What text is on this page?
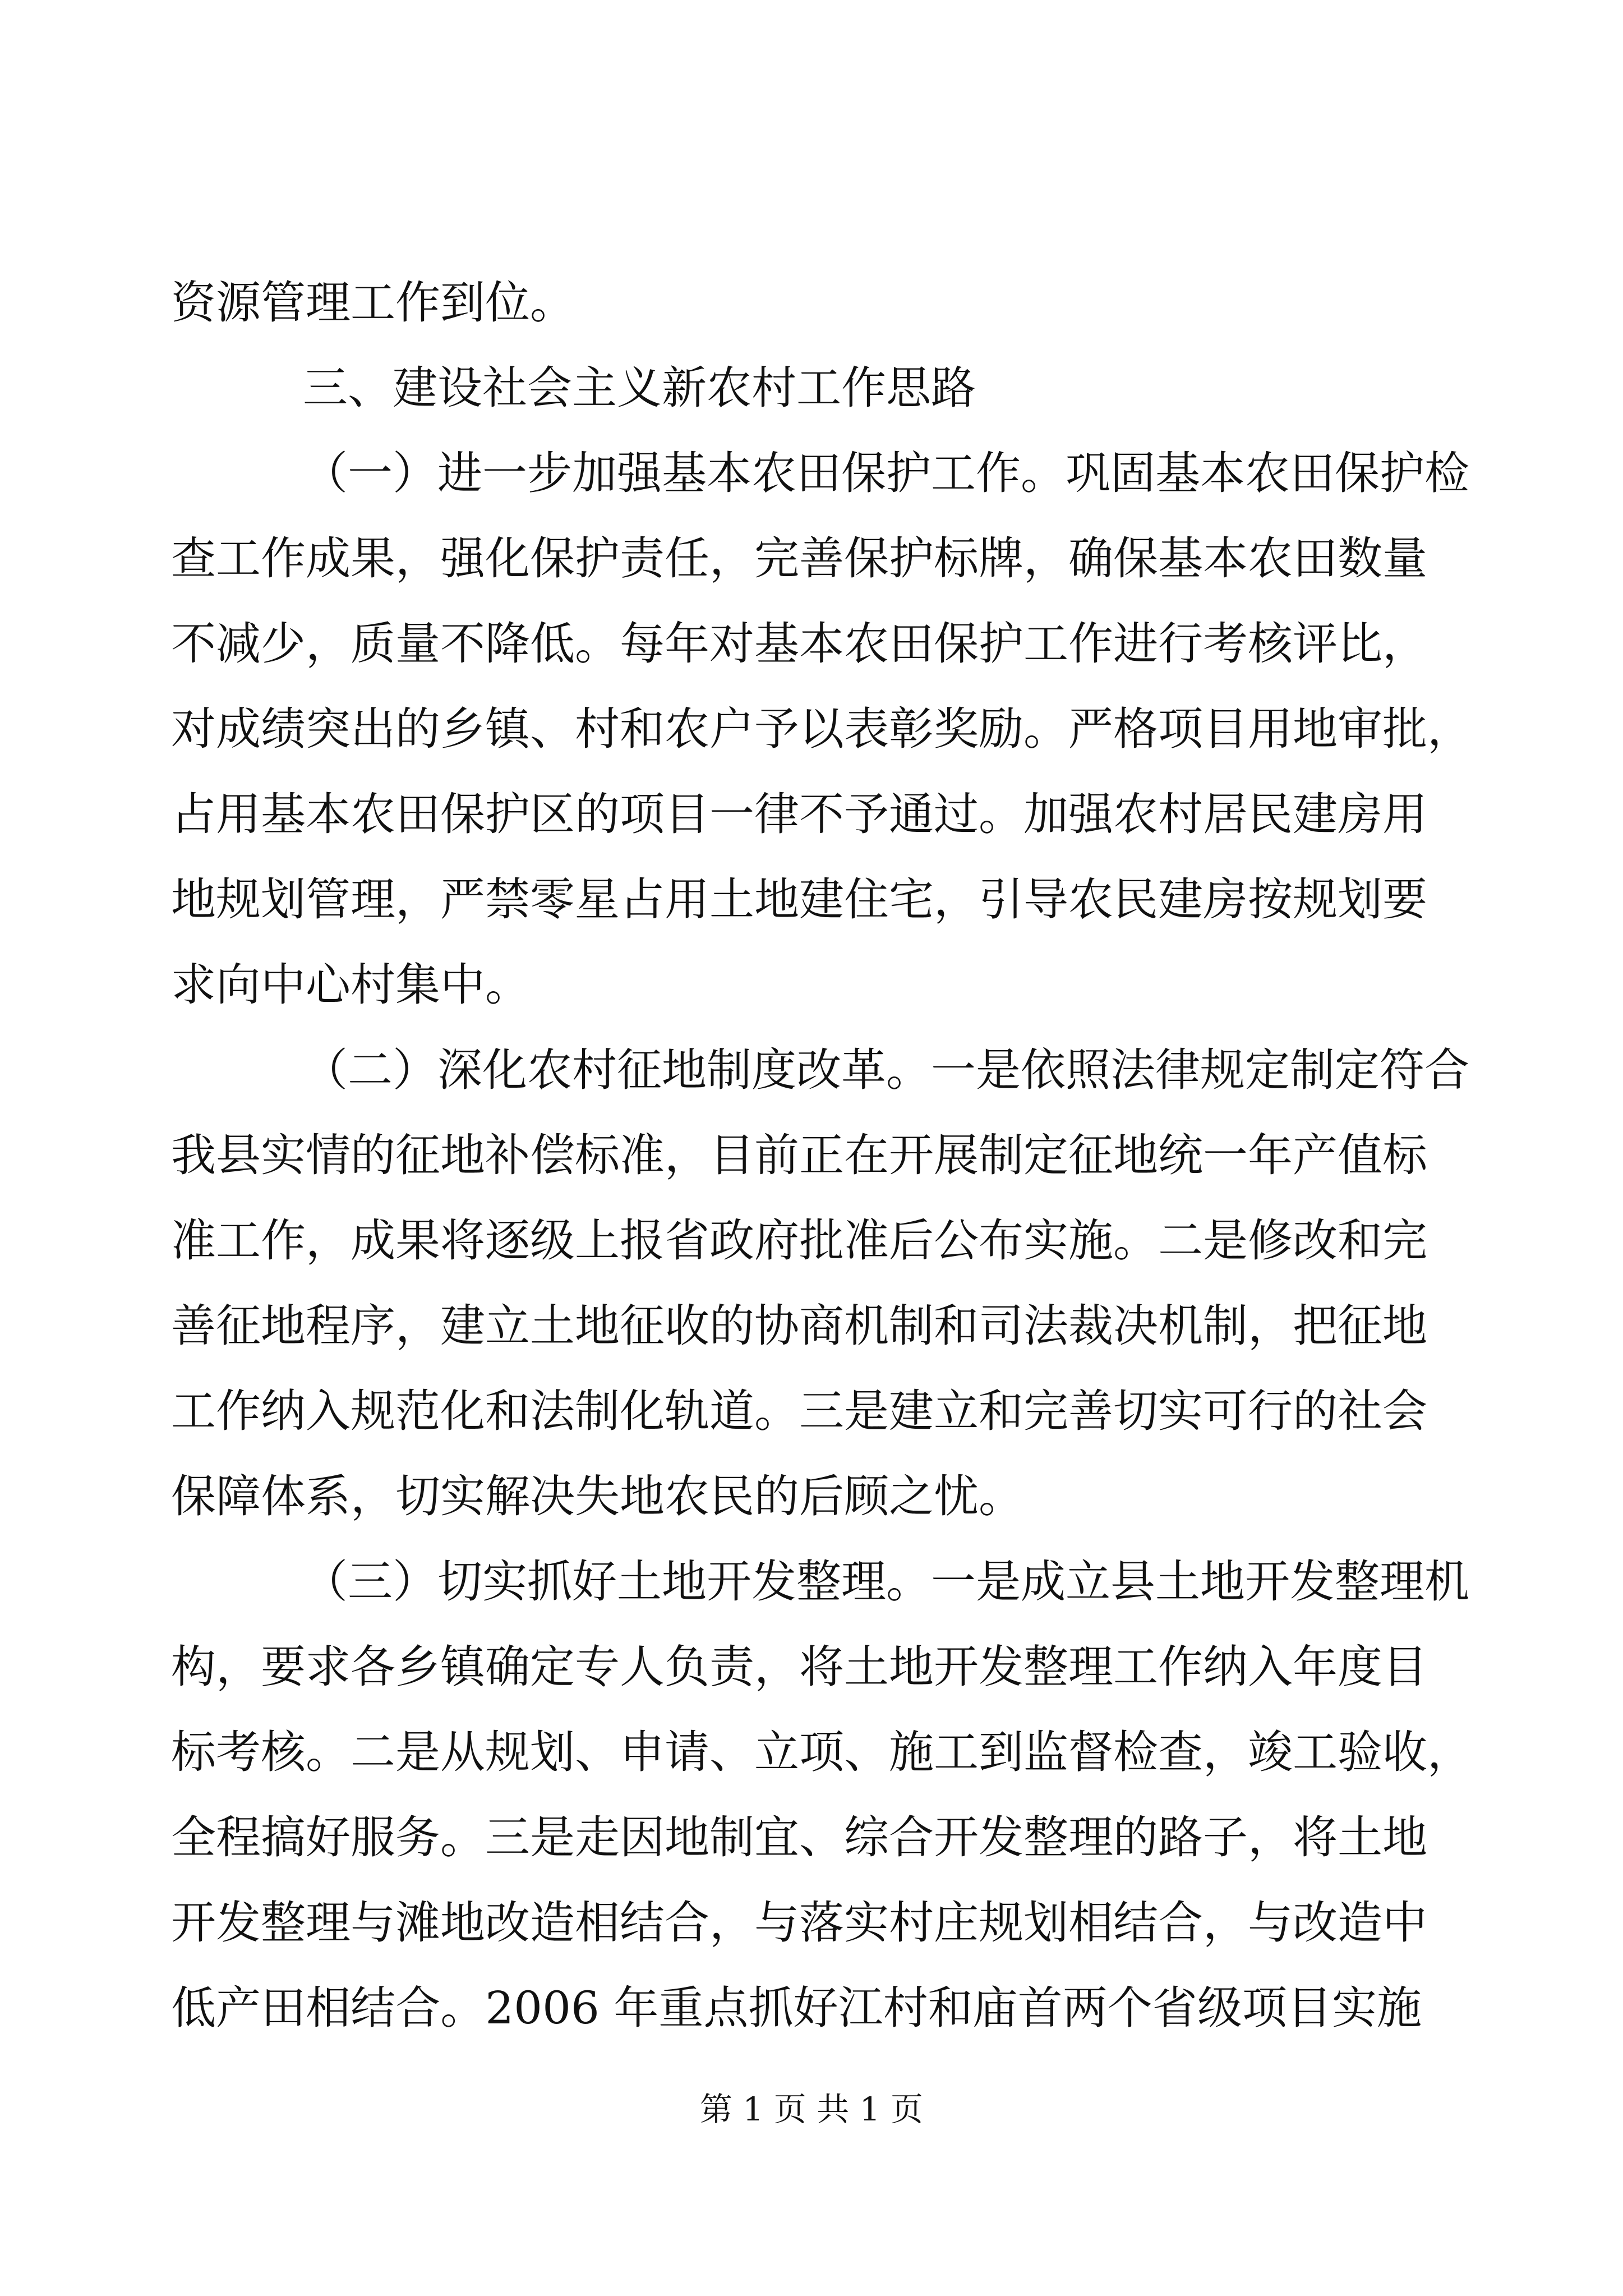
资源管理工作到位。
三、建设社会主义新农村工作思路
（一）进一步加强基本农田保护工作。巩固基本农田保护检
查工作成果，强化保护责任，完善保护标牌，确保基本农田数量
不减少，质量不降低。每年对基本农田保护工作进行考核评比，
对成绩突出的乡镇、村和农户予以表彰奖励。严格项目用地审批，
占用基本农田保护区的项目一律不予通过。加强农村居民建房用
地规划管理，严禁零星占用土地建住宅，引导农民建房按规划要
求向中心村集中。
（二）深化农村征地制度改革。一是依照法律规定制定符合
我县实情的征地补偿标准，目前正在开展制定征地统一年产值标
准工作，成果将逐级上报省政府批准后公布实施。二是修改和完
善征地程序，建立土地征收的协商机制和司法裁决机制，把征地
工作纳入规范化和法制化轨道。三是建立和完善切实可行的社会
保障体系，切实解决失地农民的后顾之忧。
（三）切实抓好土地开发整理。一是成立县土地开发整理机
构，要求各乡镇确定专人负责，将土地开发整理工作纳入年度目
标考核。二是从规划、申请、立项、施工到监督检查，竣工验收，
全程搞好服务。三是走因地制宜、综合开发整理的路子，将土地
开发整理与滩地改造相结合，与落实村庄规划相结合，与改造中
第 1 页 共 1 页
低产田相结合。2006 年重点抓好江村和庙首两个省级项目实施
